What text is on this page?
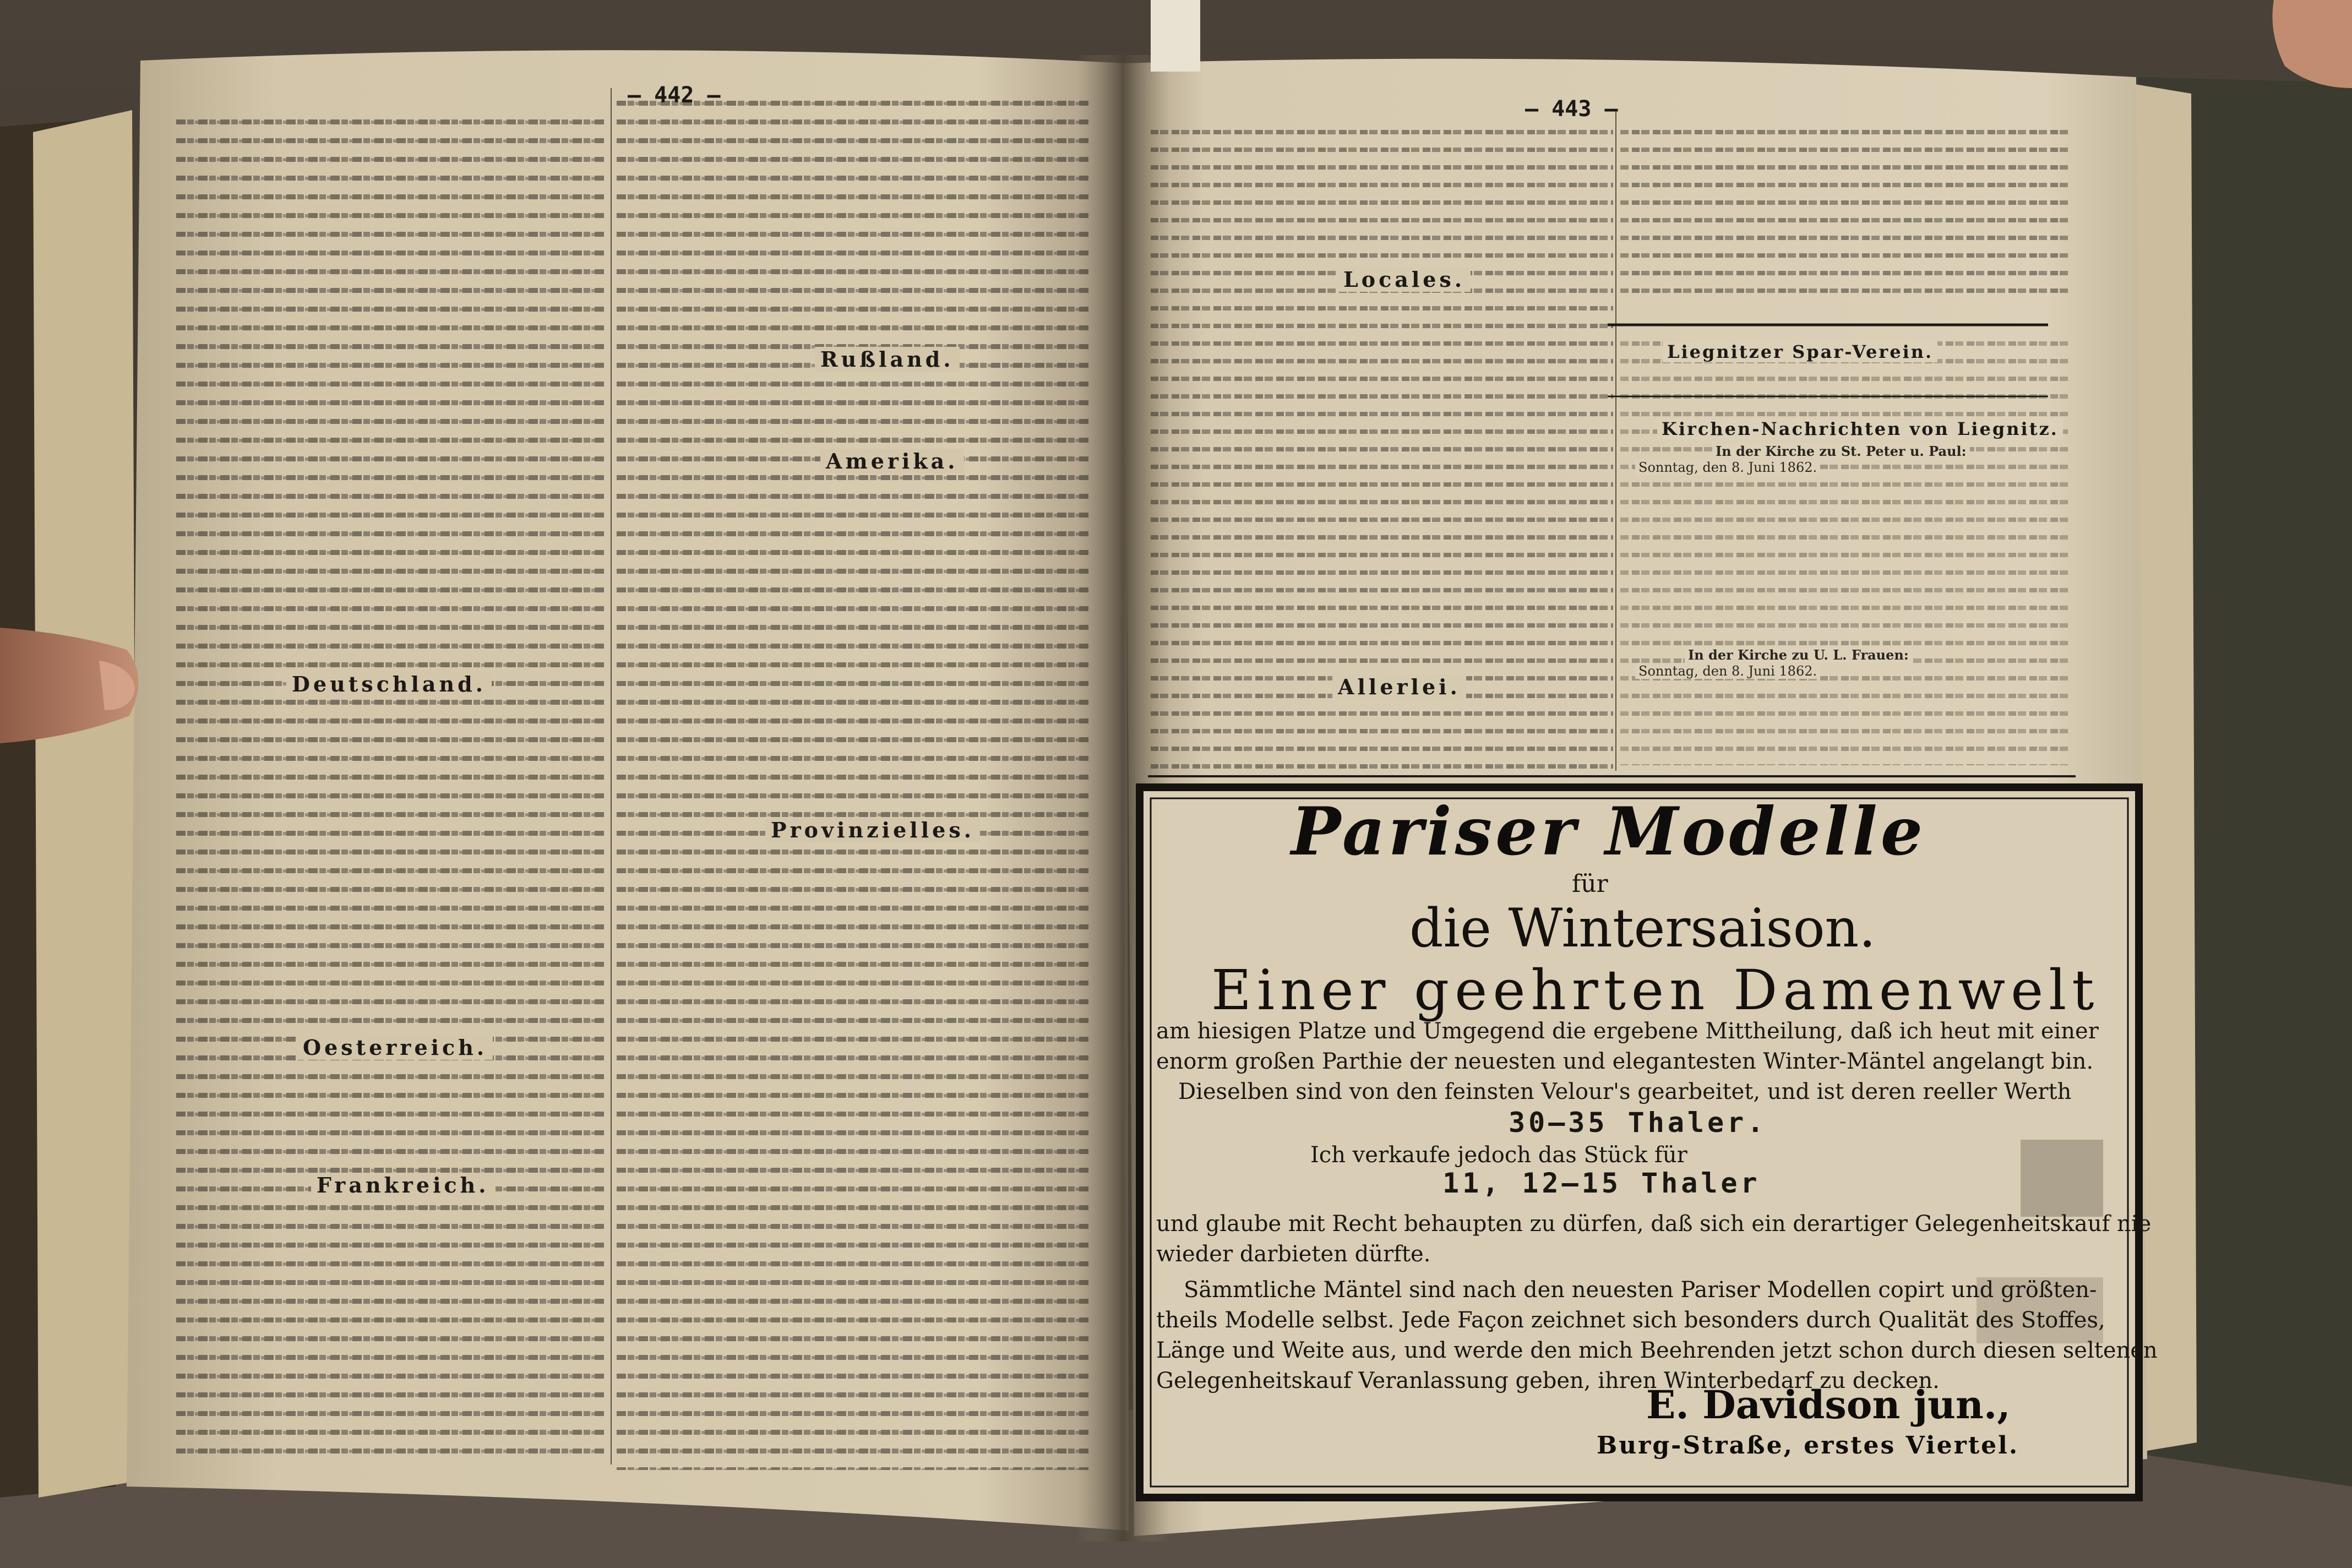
— 442 —
— 443 —
Deutschland.
Oesterreich.
Frankreich.
Rußland.
Amerika.
Provinzielles.
Locales.
Allerlei.
Liegnitzer Spar-Verein.
Kirchen-Nachrichten von Liegnitz.
In der Kirche zu St. Peter u. Paul:
Sonntag, den 8. Juni 1862.
In der Kirche zu U. L. Frauen:
Sonntag, den 8. Juni 1862.
Pariser Modelle
für
die Wintersaison.
Einer geehrten Damenwelt
am hiesigen Platze und Umgegend die ergebene Mittheilung, daß ich heut mit einer
enorm großen Parthie der neuesten und elegantesten Winter-Mäntel angelangt bin.
Dieselben sind von den feinsten Velour's gearbeitet, und ist deren reeller Werth
30—35 Thaler.
Ich verkaufe jedoch das Stück für
11, 12—15 Thaler
und glaube mit Recht behaupten zu dürfen, daß sich ein derartiger Gelegenheitskauf nie
wieder darbieten dürfte.
Sämmtliche Mäntel sind nach den neuesten Pariser Modellen copirt und größten-
theils Modelle selbst. Jede Façon zeichnet sich besonders durch Qualität des Stoffes,
Länge und Weite aus, und werde den mich Beehrenden jetzt schon durch diesen seltenen
Gelegenheitskauf Veranlassung geben, ihren Winterbedarf zu decken.
E. Davidson jun.,
Burg-Straße, erstes Viertel.
